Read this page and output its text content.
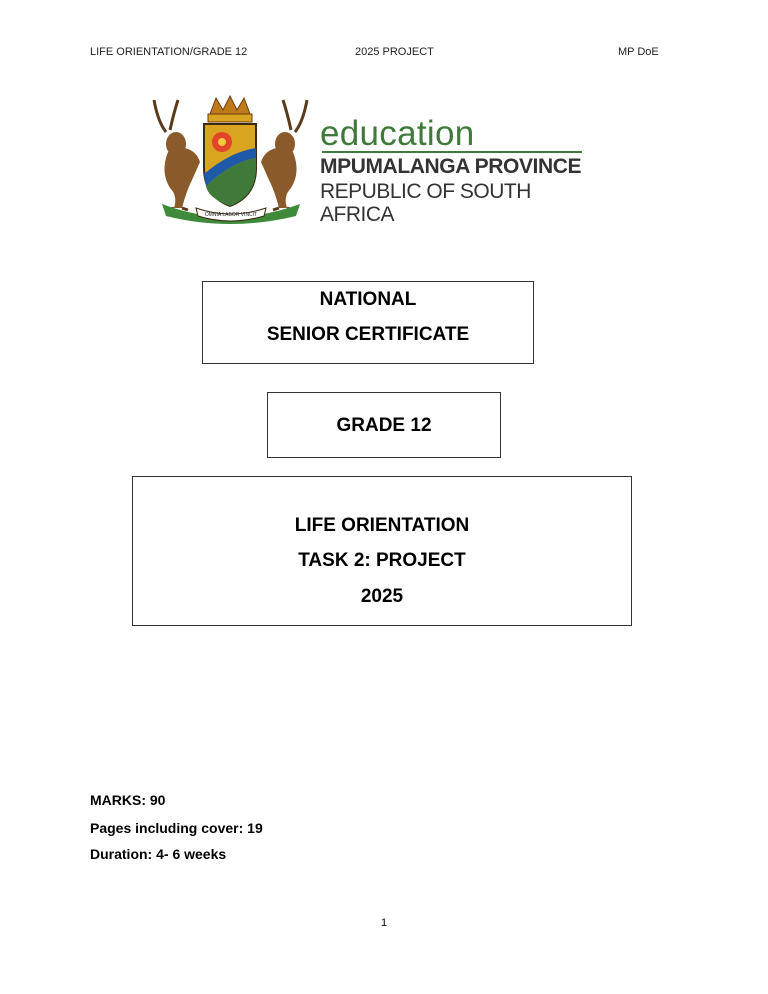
LIFE ORIENTATION/GRADE 12	2025 PROJECT	MP DoE
OMNIA LABOR VINCIT
education
MPUMALANGA PROVINCE
REPUBLIC OF SOUTH AFRICA
NATIONAL
SENIOR CERTIFICATE
GRADE 12
LIFE ORIENTATION
TASK 2: PROJECT
2025
MARKS: 90
Pages including cover: 19
Duration: 4- 6 weeks
1
